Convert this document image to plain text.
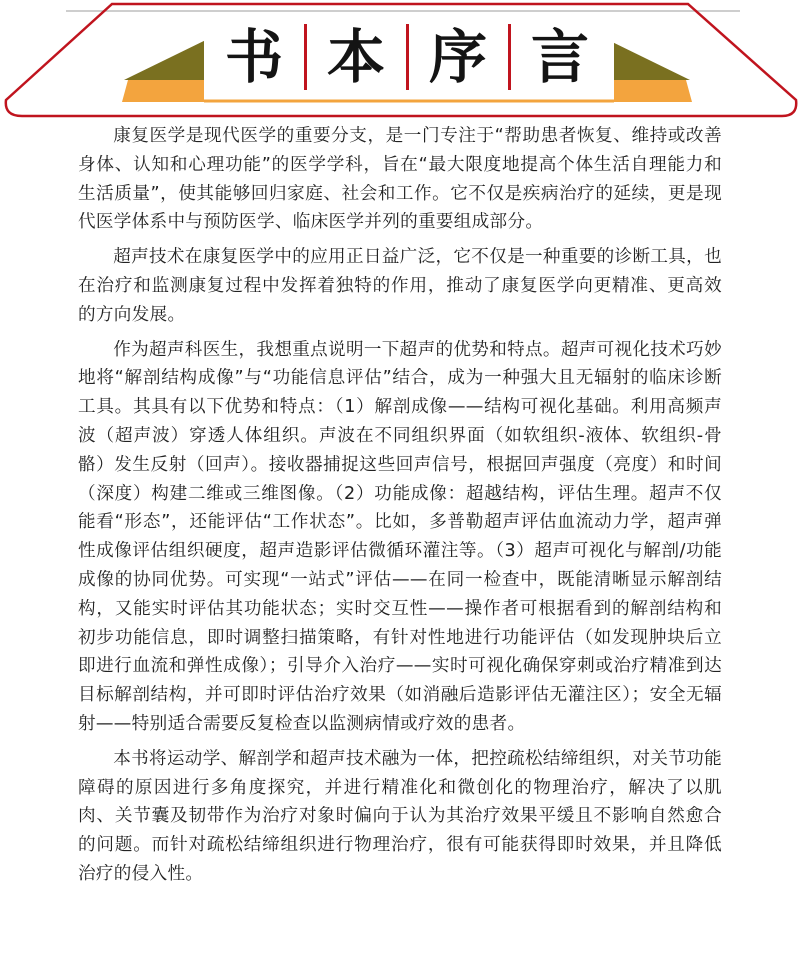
书 本 序 言

康复医学是现代医学的重要分支，是一门专注于“帮助患者恢复、维持或改善身体、认知和心理功能”的医学学科，旨在“最大限度地提高个体生活自理能力和生活质量”，使其能够回归家庭、社会和工作。它不仅是疾病治疗的延续，更是现代医学体系中与预防医学、临床医学并列的重要组成部分。

超声技术在康复医学中的应用正日益广泛，它不仅是一种重要的诊断工具，也在治疗和监测康复过程中发挥着独特的作用，推动了康复医学向更精准、更高效的方向发展。

作为超声科医生，我想重点说明一下超声的优势和特点。超声可视化技术巧妙地将“解剖结构成像”与“功能信息评估”结合，成为一种强大且无辐射的临床诊断工具。其具有以下优势和特点：（1）解剖成像——结构可视化基础。利用高频声波（超声波）穿透人体组织。声波在不同组织界面（如软组织-液体、软组织-骨骼）发生反射（回声）。接收器捕捉这些回声信号，根据回声强度（亮度）和时间（深度）构建二维或三维图像。（2）功能成像：超越结构，评估生理。超声不仅能看“形态”，还能评估“工作状态”。比如，多普勒超声评估血流动力学，超声弹性成像评估组织硬度，超声造影评估微循环灌注等。（3）超声可视化与解剖/功能成像的协同优势。可实现“一站式”评估——在同一检查中，既能清晰显示解剖结构，又能实时评估其功能状态；实时交互性——操作者可根据看到的解剖结构和初步功能信息，即时调整扫描策略，有针对性地进行功能评估（如发现肿块后立即进行血流和弹性成像）；引导介入治疗——实时可视化确保穿刺或治疗精准到达目标解剖结构，并可即时评估治疗效果（如消融后造影评估无灌注区）；安全无辐射——特别适合需要反复检查以监测病情或疗效的患者。

本书将运动学、解剖学和超声技术融为一体，把控疏松结缔组织，对关节功能障碍的原因进行多角度探究，并进行精准化和微创化的物理治疗，解决了以肌肉、关节囊及韧带作为治疗对象时偏向于认为其治疗效果平缓且不影响自然愈合的问题。而针对疏松结缔组织进行物理治疗，很有可能获得即时效果，并且降低治疗的侵入性。
